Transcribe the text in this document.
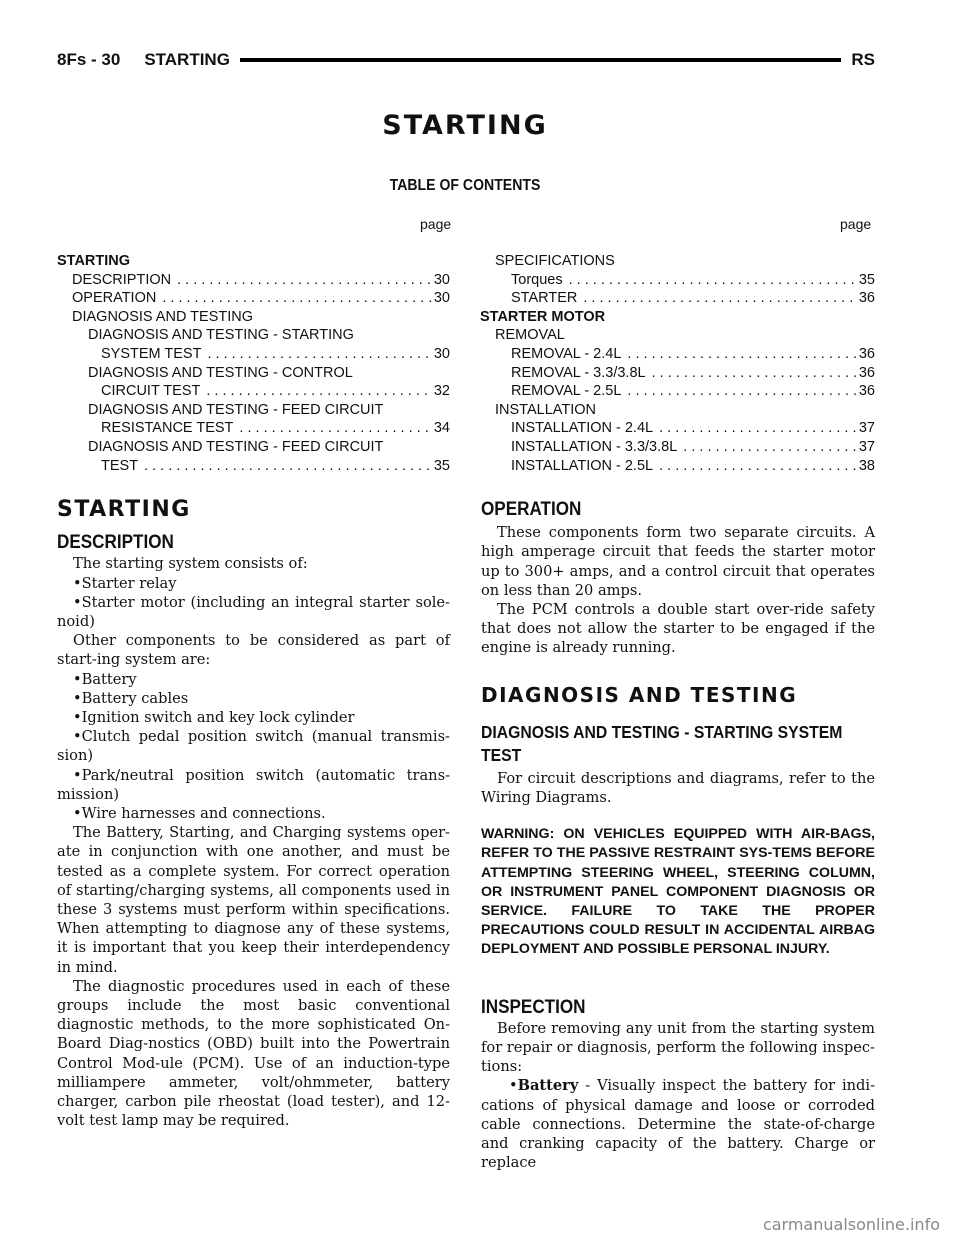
8Fs - 30 STARTING	RS
STARTING
TABLE OF CONTENTS
page	page
STARTING
DESCRIPTION . . .	30
OPERATION . . .	30
DIAGNOSIS AND TESTING
DIAGNOSIS AND TESTING - STARTING
SYSTEM TEST . . .	30
DIAGNOSIS AND TESTING - CONTROL
CIRCUIT TEST . . .	32
DIAGNOSIS AND TESTING - FEED CIRCUIT
RESISTANCE TEST . . .	34
DIAGNOSIS AND TESTING - FEED CIRCUIT
TEST . . .	35
SPECIFICATIONS
Torques . . .	35
STARTER . . .	36
STARTER MOTOR
REMOVAL
REMOVAL - 2.4L . . .	36
REMOVAL - 3.3/3.8L . . .	36
REMOVAL - 2.5L . . .	36
INSTALLATION
INSTALLATION - 2.4L . . .	37
INSTALLATION - 3.3/3.8L . . .	37
INSTALLATION - 2.5L . . .	38
STARTING
DESCRIPTION

The starting system consists of:

•Starter relay

•Starter motor (including an integral starter sole-noid)

Other components to be considered as part of start-ing system are:

•Battery

•Battery cables

•Ignition switch and key lock cylinder

•Clutch pedal position switch (manual transmis-sion)

•Park/neutral position switch (automatic trans-mission)

•Wire harnesses and connections.

The Battery, Starting, and Charging systems oper-ate in conjunction with one another, and must be tested as a complete system. For correct operation of starting/charging systems, all components used in these 3 systems must perform within specifications. When attempting to diagnose any of these systems, it is important that you keep their interdependency in mind.

The diagnostic procedures used in each of these groups include the most basic conventional diagnostic methods, to the more sophisticated On-Board Diag-nostics (OBD) built into the Powertrain Control Mod-ule (PCM). Use of an induction-type milliampere ammeter, volt/ohmmeter, battery charger, carbon pile rheostat (load tester), and 12-volt test lamp may be required.

OPERATION

These components form two separate circuits. A high amperage circuit that feeds the starter motor up to 300+ amps, and a control circuit that operates on less than 20 amps.

The PCM controls a double start over-ride safety that does not allow the starter to be engaged if the engine is already running.

DIAGNOSIS AND TESTING
DIAGNOSIS AND TESTING - STARTING SYSTEM TEST

For circuit descriptions and diagrams, refer to the Wiring Diagrams.

WARNING: ON VEHICLES EQUIPPED WITH AIR-BAGS, REFER TO THE PASSIVE RESTRAINT SYS-TEMS BEFORE ATTEMPTING STEERING WHEEL, STEERING COLUMN, OR INSTRUMENT PANEL COMPONENT DIAGNOSIS OR SERVICE. FAILURE TO TAKE THE PROPER PRECAUTIONS COULD RESULT IN ACCIDENTAL AIRBAG DEPLOYMENT AND POSSIBLE PERSONAL INJURY.

INSPECTION

Before removing any unit from the starting system for repair or diagnosis, perform the following inspec-tions:

•Battery - Visually inspect the battery for indi-cations of physical damage and loose or corroded cable connections. Determine the state-of-charge and cranking capacity of the battery. Charge or replace

carmanualsonline.info
